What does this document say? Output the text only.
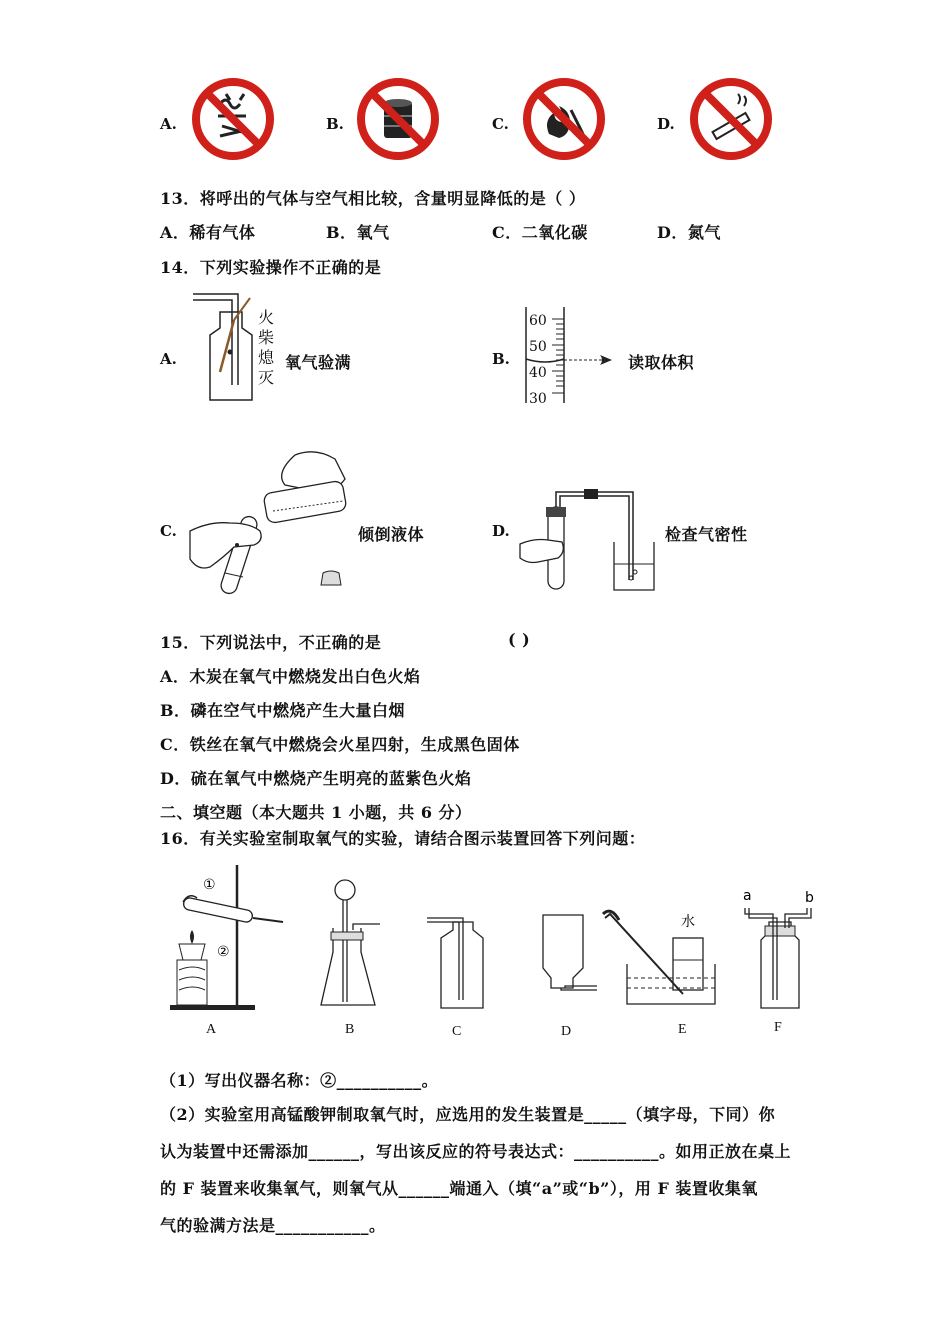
A.	B.	C.	D.
13．将呼出的气体与空气相比较，含量明显降低的是（ ）
A．稀有气体	B．氧气	C．二氧化碳	D．氮气
14．下列实验操作不正确的是
A.
火
柴
熄
灭
氧气验满	B.
60
50
40
30
读取体积
C.	倾倒液体	D.	检查气密性
15．下列说法中，不正确的是	( )
A．木炭在氧气中燃烧发出白色火焰
B．磷在空气中燃烧产生大量白烟
C．铁丝在氧气中燃烧会火星四射，生成黑色固体
D．硫在氧气中燃烧产生明亮的蓝紫色火焰
二、填空题（本大题共 1 小题，共 6 分）
16．有关实验室制取氧气的实验，请结合图示装置回答下列问题：
①
②
水
a	b
A	B	C	D	E	F
（1）写出仪器名称：②__________。
（2）实验室用高锰酸钾制取氧气时，应选用的发生装置是_____（填字母，下同）你
认为装置中还需添加______，写出该反应的符号表达式：__________。如用正放在桌上
的 F 装置来收集氧气，则氧气从______端通入（填“a”或“b”），用 F 装置收集氧
气的验满方法是___________。
